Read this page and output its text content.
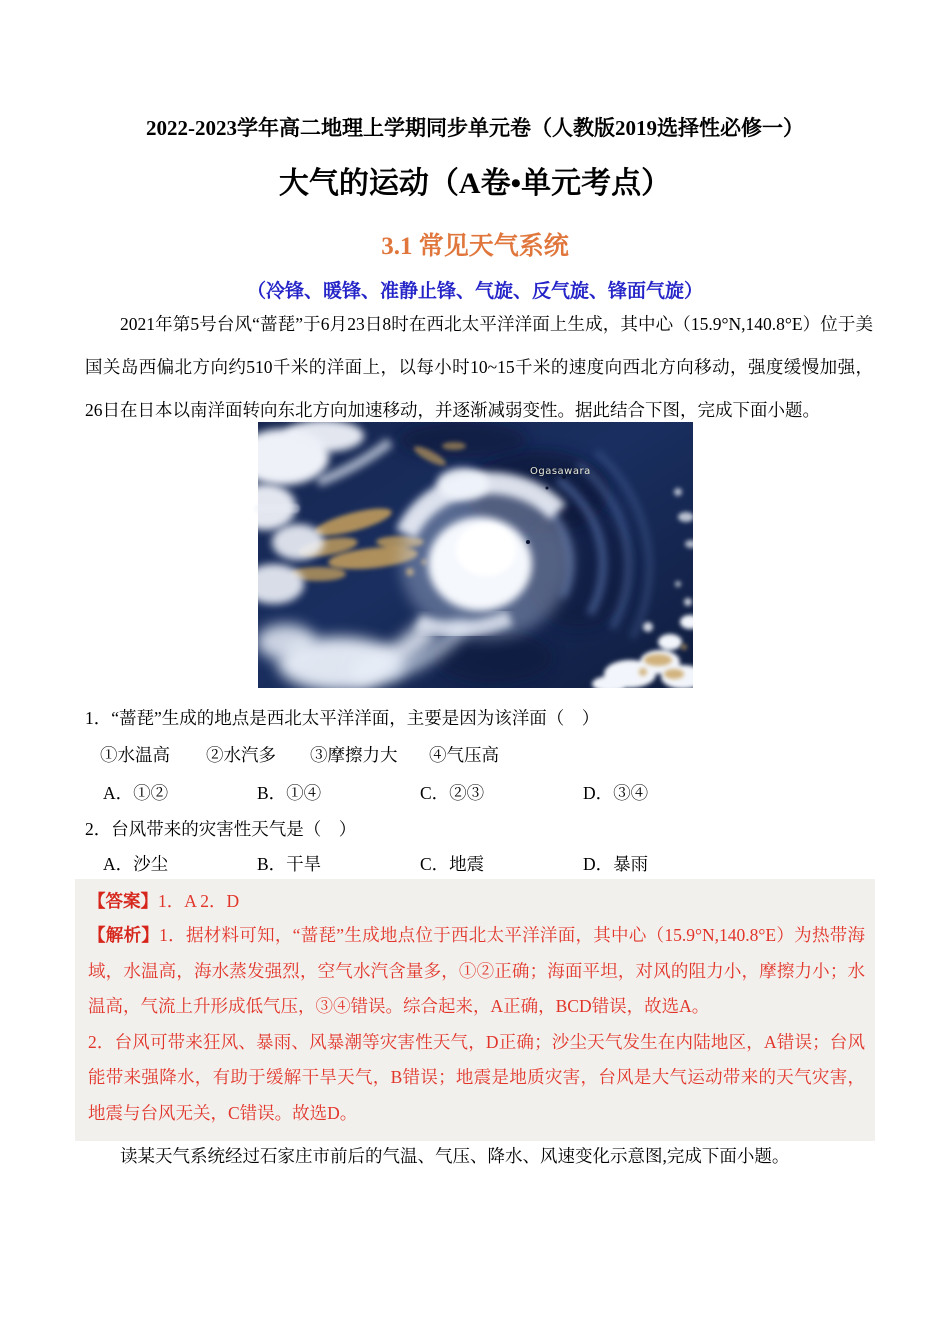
2022-2023学年高二地理上学期同步单元卷（人教版2019选择性必修一）
大气的运动（A卷•单元考点）
3.1 常见天气系统
（冷锋、暖锋、准静止锋、气旋、反气旋、锋面气旋）
2021年第5号台风“蔷琵”于6月23日8时在西北太平洋洋面上生成，其中心（15.9°N,140.8°E）位于美国关岛西偏北方向约510千米的洋面上，以每小时10~15千米的速度向西北方向移动，强度缓慢加强，26日在日本以南洋面转向东北方向加速移动，并逐渐减弱变性。据此结合下图，完成下面小题。
Ogasawara
1．“蔷琵”生成的地点是西北太平洋洋面，主要是因为该洋面（　）
①水温高 ②水汽多 ③摩擦力大 ④气压高
A．①②	B．①④	C．②③	D．③④
2．台风带来的灾害性天气是（　）
A．沙尘	B．干旱	C．地震	D．暴雨
【答案】1．A 2．D

【解析】1．据材料可知，“蔷琵”生成地点位于西北太平洋洋面，其中心（15.9°N,140.8°E）为热带海域，水温高，海水蒸发强烈，空气水汽含量多，①②正确；海面平坦，对风的阻力小，摩擦力小；水温高，气流上升形成低气压，③④错误。综合起来，A正确，BCD错误，故选A。

2．台风可带来狂风、暴雨、风暴潮等灾害性天气，D正确；沙尘天气发生在内陆地区，A错误；台风能带来强降水，有助于缓解干旱天气，B错误；地震是地质灾害，台风是大气运动带来的天气灾害，地震与台风无关，C错误。故选D。

读某天气系统经过石家庄市前后的气温、气压、降水、风速变化示意图,完成下面小题。
